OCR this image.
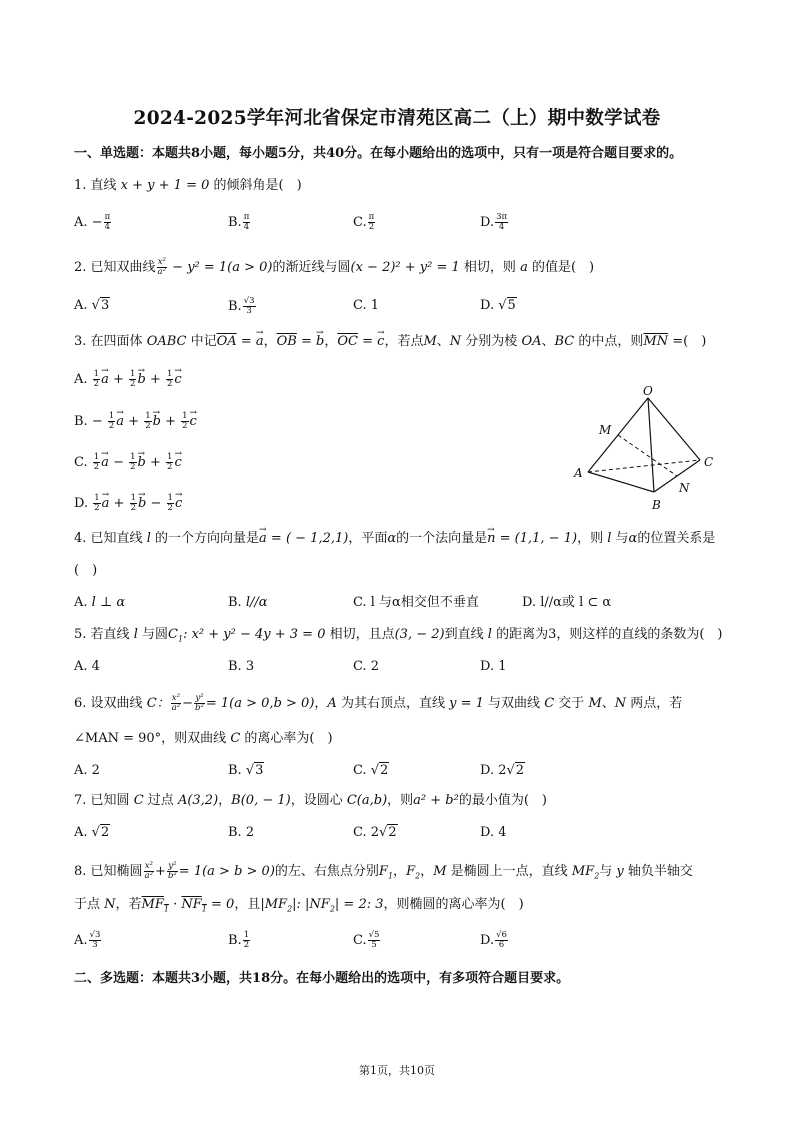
2024-2025学年河北省保定市清苑区高二（上）期中数学试卷
一、单选题：本题共8小题，每小题5分，共40分。在每小题给出的选项中，只有一项是符合题目要求的。
1. 直线 x + y + 1 = 0 的倾斜角是(　)
A. − $\frac{\pi}{4}$	B. $\frac{\pi}{4}$	C. $\frac{\pi}{2}$	D. $\frac{3\pi}{4}$
2. 已知双曲线 $\frac{\text{x²}}{\text{a²}} - y^2 = 1(a > 0)$的渐近线与圆(x − 2)² + y² = 1 相切，则 a 的值是(　)
A. √3	B. $\frac{√3}{3}$	C. 1	D. √5
3. 在四面体 OABC 中记$\overline{OA}$ = → a，$\overline{OB}$ = → b，$\overline{OC}$ = → c，若点M、N 分别为棱 OA、BC 的中点，则$\overline{MN}$ =(　)
A. $\frac{1}{2} \to a + \frac{1}{2} \to b + \frac{1}{2} \to c$
B. − $\frac{1}{2} \to a + \frac{1}{2} \to b + \frac{1}{2} \to c$
C. $\frac{1}{2} \to a - \frac{1}{2} \to b + \frac{1}{2} \to c$
D. $\frac{1}{2} \to a + \frac{1}{2} \to b - \frac{1}{2} \to c$
O
M
A
C
N
B
4. 已知直线 l 的一个方向向量是→ a = ( − 1,2,1)，平面α的一个法向量是→ n = (1,1, − 1)，则 l 与α的位置关系是
(　)
A. l ⊥ α	B. l//α	C. l 与α相交但不垂直	D. l//α或 l ⊂ α
5. 若直线 l 与圆$C_1$: x² + y² − 4y + 3 = 0 相切，且点(3, − 2)到直线 l 的距离为3，则这样的直线的条数为(　)
A. 4	B. 3	C. 2	D. 1
6. 设双曲线 C： $\frac{\text{x²}}{\text{a²}} - \frac{\text{y²}}{\text{b²}} = 1(a > 0,b > 0)$，A 为其右顶点，直线 y = 1 与双曲线 C 交于 M、N 两点，若
∠MAN = 90°，则双曲线 C 的离心率为(　)
A. 2	B. √3	C. √2	D. 2√2
7. 已知圆 C 过点 A(3,2)，B(0, − 1)，设圆心 C(a,b)，则a² + b²的最小值为(　)
A. √2	B. 2	C. 2√2	D. 4
8. 已知椭圆 $\frac{\text{x²}}{\text{a²}} + \frac{\text{y²}}{\text{b²}} = 1(a > b > 0)$的左、右焦点分别$F_1$，$F_2$，M 是椭圆上一点，直线 $MF_2$与 y 轴负半轴交
于点 N，若$MF_1 \cdot NF_1 = 0$，且$|MF_2|$: $|NF_2| = 2$: 3，则椭圆的离心率为(　)
A. $\frac{√3}{3}$	B. $\frac{1}{2}$	C. $\frac{√5}{5}$	D. $\frac{√6}{6}$
二、多选题：本题共3小题，共18分。在每小题给出的选项中，有多项符合题目要求。
第1页，共10页
